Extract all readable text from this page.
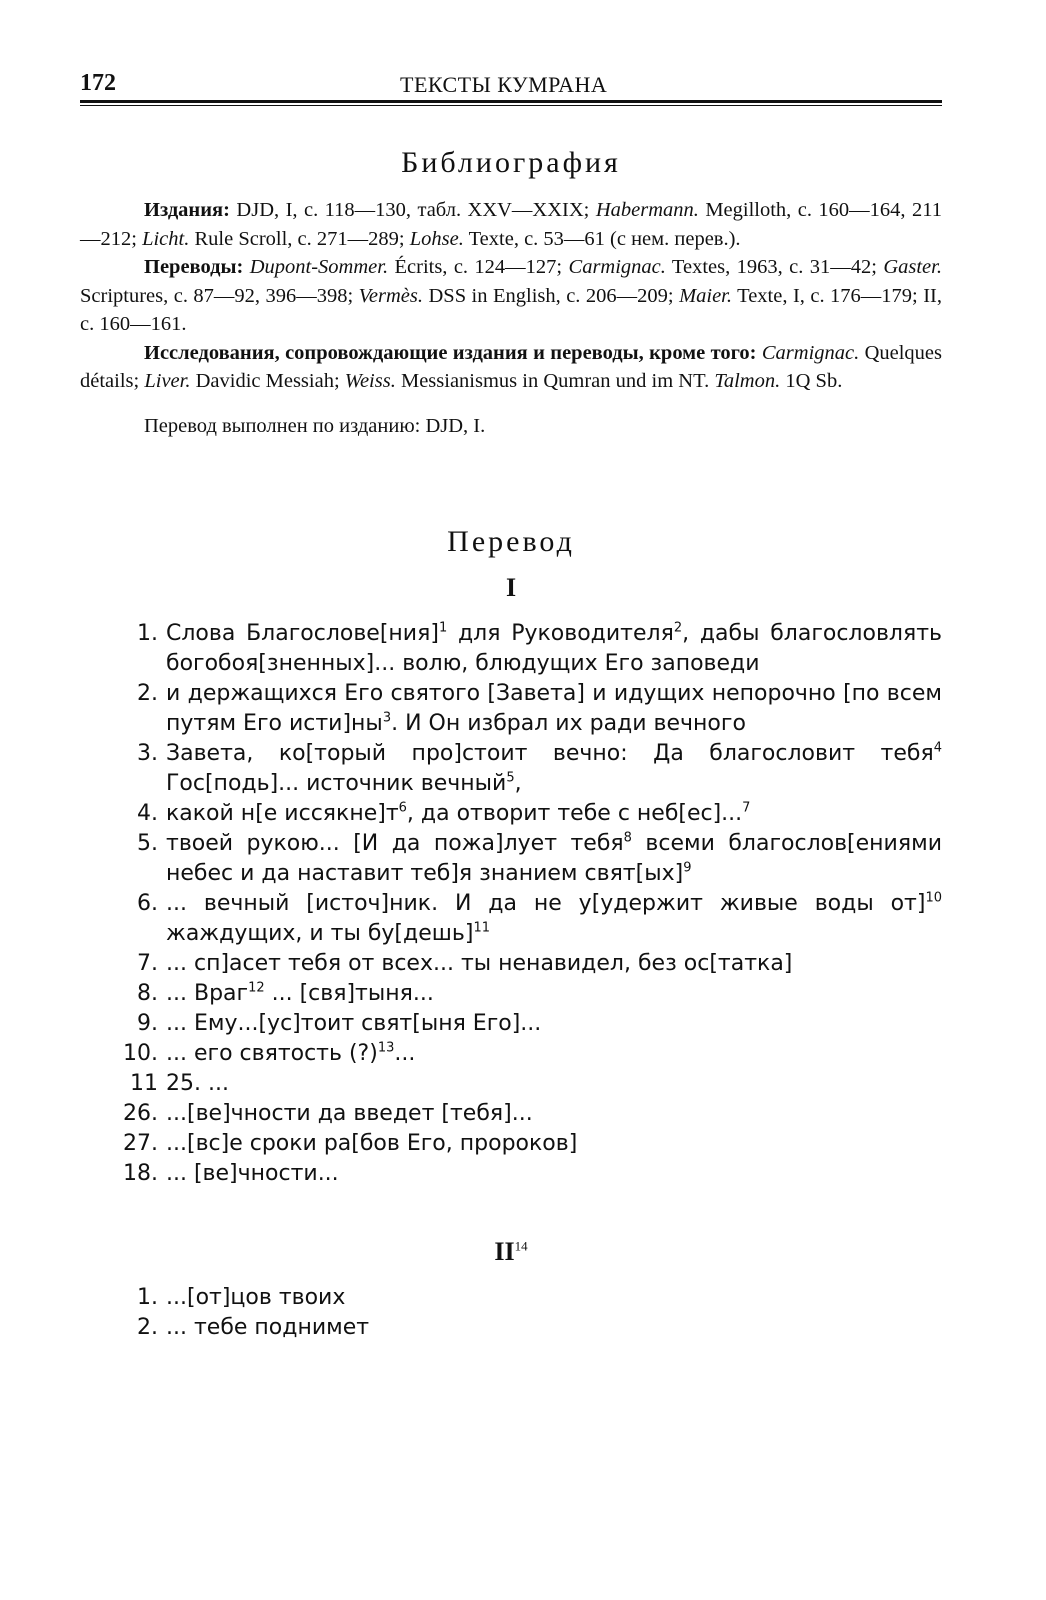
172	ТЕКСТЫ КУМРАНА
Библиография

Издания: DJD, I, с. 118—130, табл. XXV—XXIX; Habermann. Megilloth, с. 160—164, 211—212; Licht. Rule Scroll, с. 271—289; Lohse. Texte, с. 53—61 (с нем. перев.).

Переводы: Dupont-Sommer. Écrits, с. 124—127; Carmignac. Textes, 1963, с. 31—42; Gaster. Scriptures, с. 87—92, 396—398; Vermès. DSS in English, с. 206—209; Maier. Texte, I, с. 176—179; II, с. 160—161.

Исследования, сопровождающие издания и переводы, кроме того: Carmignac. Quelques détails; Liver. Davidic Messiah; Weiss. Messianismus in Qumran und im NT. Talmon. 1Q Sb.

Перевод выполнен по изданию: DJD, I.

Перевод
I
1. Слова Благослове[ния]$^1$ для Руководителя$^2$, дабы благословлять богобоя[зненных]... волю, блюдущих Его заповеди
2. и держащихся Его святого [Завета] и идущих непорочно [по всем путям Его исти]ны$^3$. И Он избрал их ради вечного
3. Завета, ко[торый про]стоит вечно: Да благословит тебя$^4$ Гос[подь]... источник вечный$^5$,
4. какой н[е иссякне]т$^6$, да отворит тебе с неб[ес]...$^7$
5. твоей рукою... [И да пожа]лует тебя$^8$ всеми благослов[ениями небес и да наставит теб]я знанием свят[ых]$^9$
6. ... вечный [источ]ник. И да не у[удержит живые воды от]$^{10}$ жаждущих, и ты бу[дешь]$^{11}$
7. ... сп]асет тебя от всех... ты ненавидел, без ос[татка]
8. ... Враг$^{12}$ ... [свя]тыня...
9. ... Ему...[ус]тоит свят[ыня Его]...
10. ... его святость (?)$^{13}$...
11 25. ...
26. ...[ве]чности да введет [тебя]...
27. ...[вс]е сроки ра[бов Его, пророков]
18. ... [ве]чности...
II$^{14}$
1. ...[от]цов твоих
2. ... тебе поднимет
